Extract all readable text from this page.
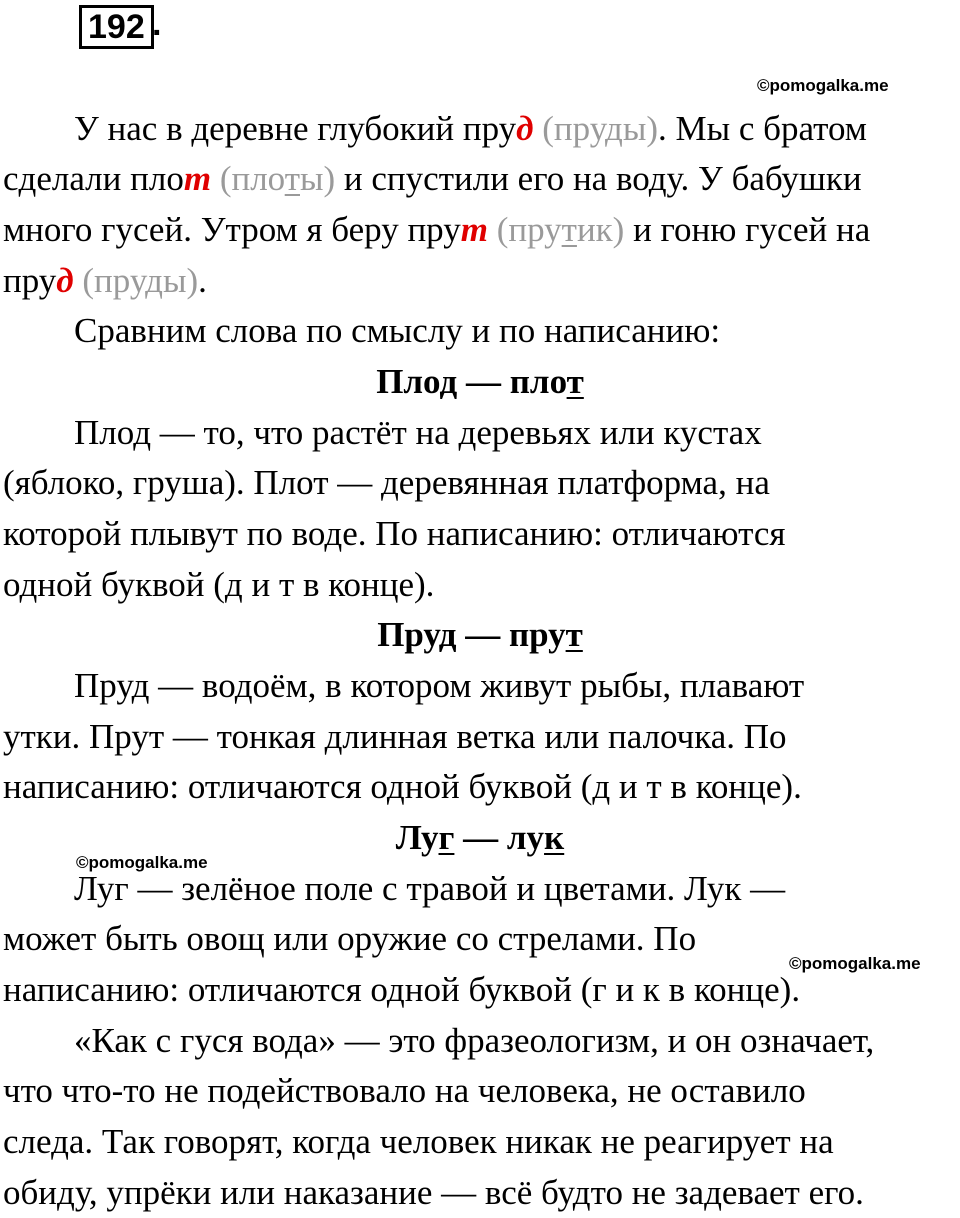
192 .
©pomogalka.me
У нас в деревне глубокий пруд (пруды). Мы с братом
сделали плот (плоты) и спустили его на воду. У бабушки
много гусей. Утром я беру прут (прутик) и гоню гусей на
пруд (пруды).
Сравним слова по смыслу и по написанию:
Плод — плот
Плод — то, что растёт на деревьях или кустах
(яблоко, груша). Плот — деревянная платформа, на
которой плывут по воде. По написанию: отличаются
одной буквой (д и т в конце).
Пруд — прут
Пруд — водоём, в котором живут рыбы, плавают
утки. Прут — тонкая длинная ветка или палочка. По
написанию: отличаются одной буквой (д и т в конце).
Луг — лук
©pomogalka.me
Луг — зелёное поле с травой и цветами. Лук —
может быть овощ или оружие со стрелами. По
©pomogalka.me
написанию: отличаются одной буквой (г и к в конце).
«Как с гуся вода» — это фразеологизм, и он означает,
что что-то не подействовало на человека, не оставило
следа. Так говорят, когда человек никак не реагирует на
обиду, упрёки или наказание — всё будто не задевает его.
